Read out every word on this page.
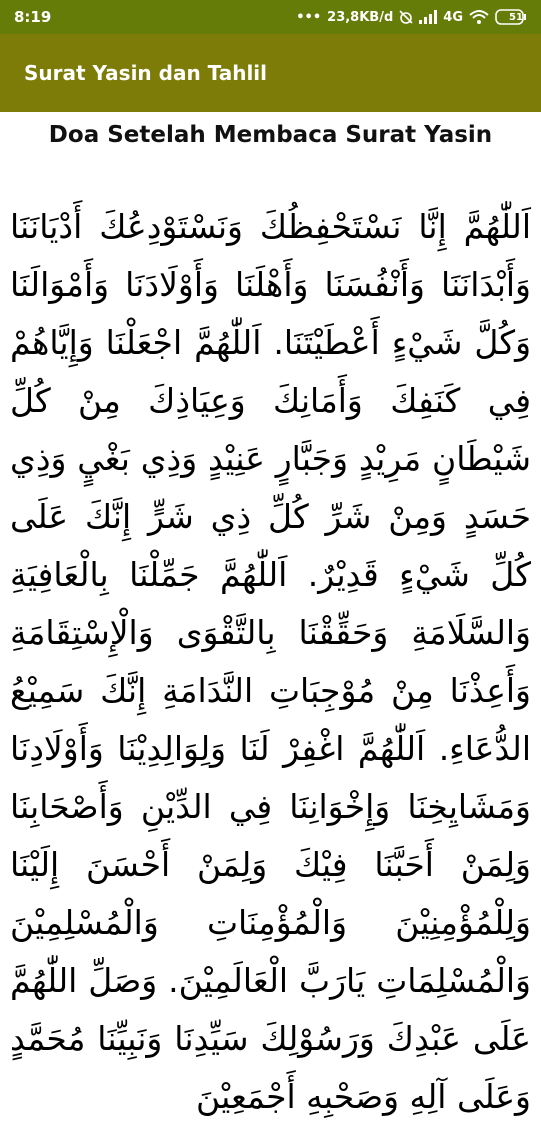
8:19	••• 23,8KB/d	4G	51
Surat Yasin dan Tahlil
Doa Setelah Membaca Surat Yasin
اَللّٰهُمَّ إِنَّا نَسْتَحْفِظُكَ وَنَسْتَوْدِعُكَ أَدْيَانَنَا وَأَبْدَانَنَا وَأَنْفُسَنَا وَأَهْلَنَا وَأَوْلَادَنَا وَأَمْوَالَنَا وَكُلَّ شَيْءٍ أَعْطَيْتَنَا. اَللّٰهُمَّ اجْعَلْنَا وَإِيَّاهُمْ فِي كَنَفِكَ وَأَمَانِكَ وَعِيَاذِكَ مِنْ كُلِّ شَيْطَانٍ مَرِيْدٍ وَجَبَّارٍ عَنِيْدٍ وَذِي بَغْيٍ وَذِي حَسَدٍ وَمِنْ شَرِّ كُلِّ ذِي شَرٍّ إِنَّكَ عَلَى كُلِّ شَيْءٍ قَدِيْرٌ. اَللّٰهُمَّ جَمِّلْنَا بِالْعَافِيَةِ وَالسَّلَامَةِ وَحَقِّقْنَا بِالتَّقْوَى وَالْإِسْتِقَامَةِ وَأَعِذْنَا مِنْ مُوْجِبَاتِ النَّدَامَةِ إِنَّكَ سَمِيْعُ الدُّعَاءِ. اَللّٰهُمَّ اغْفِرْ لَنَا وَلِوَالِدِيْنَا وَأَوْلَادِنَا وَمَشَايِخِنَا وَإِخْوَانِنَا فِي الدِّيْنِ وَأَصْحَابِنَا وَلِمَنْ أَحَبَّنَا فِيْكَ وَلِمَنْ أَحْسَنَ إِلَيْنَا وَلِلْمُؤْمِنِيْنَ وَالْمُؤْمِنَاتِ وَالْمُسْلِمِيْنَ وَالْمُسْلِمَاتِ يَارَبَّ الْعَالَمِيْنَ. وَصَلِّ اللّٰهُمَّ عَلَى عَبْدِكَ وَرَسُوْلِكَ سَيِّدِنَا وَنَبِيِّنَا مُحَمَّدٍ وَعَلَى آلِهِ وَصَحْبِهِ أَجْمَعِيْنَ
